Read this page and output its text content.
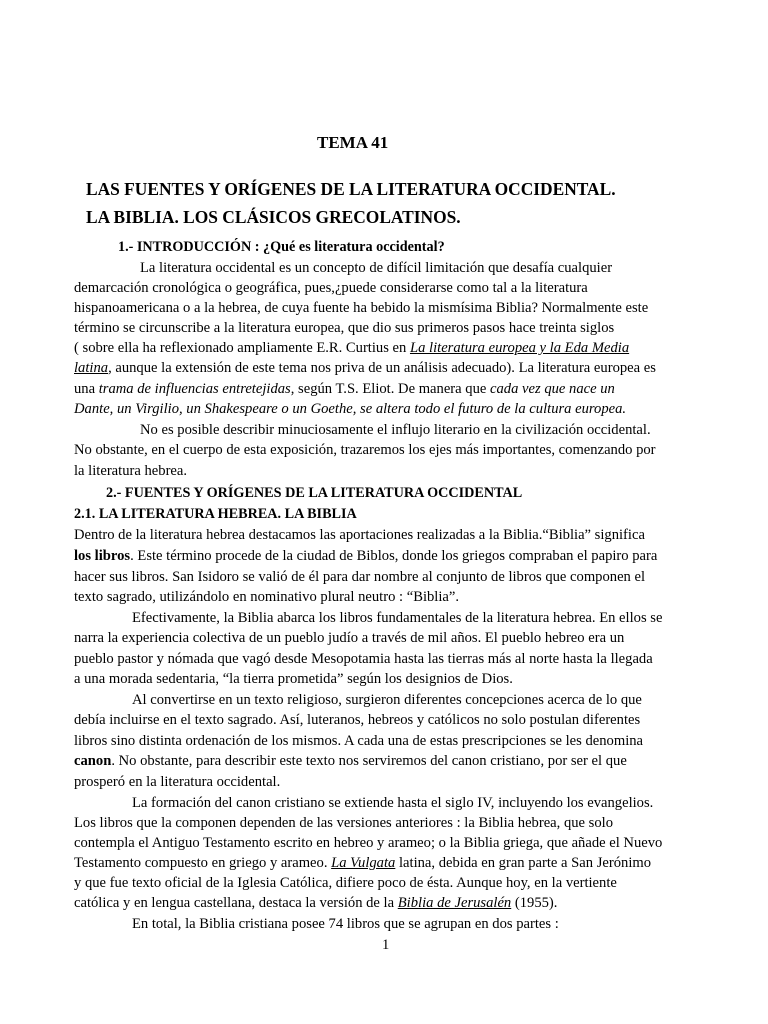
TEMA 41
LAS FUENTES Y ORÍGENES DE LA LITERATURA OCCIDENTAL.
LA BIBLIA. LOS CLÁSICOS GRECOLATINOS.
1.- INTRODUCCIÓN : ¿Qué es literatura occidental?
La literatura occidental es un concepto de difícil limitación que desafía cualquier
demarcación cronológica o geográfica, pues,¿puede considerarse como tal a la literatura
hispanoamericana o a la hebrea, de cuya fuente ha bebido la mismísima Biblia? Normalmente este
término se circunscribe a la literatura europea, que dio sus primeros pasos hace treinta siglos
( sobre ella ha reflexionado ampliamente E.R. Curtius en La literatura europea y la Eda Media
latina, aunque la extensión de este tema nos priva de un análisis adecuado). La literatura europea es
una trama de influencias entretejidas, según T.S. Eliot. De manera que cada vez que nace un
Dante, un Virgilio, un Shakespeare o un Goethe, se altera todo el futuro de la cultura europea.
No es posible describir minuciosamente el influjo literario en la civilización occidental.
No obstante, en el cuerpo de esta exposición, trazaremos los ejes más importantes, comenzando por
la literatura hebrea.
2.- FUENTES Y ORÍGENES DE LA LITERATURA OCCIDENTAL
2.1. LA LITERATURA HEBREA. LA BIBLIA
Dentro de la literatura hebrea destacamos las aportaciones realizadas a la Biblia.“Biblia” significa
los libros. Este término procede de la ciudad de Biblos, donde los griegos compraban el papiro para
hacer sus libros. San Isidoro se valió de él para dar nombre al conjunto de libros que componen el
texto sagrado, utilizándolo en nominativo plural neutro : “Biblia”.
Efectivamente, la Biblia abarca los libros fundamentales de la literatura hebrea. En ellos se
narra la experiencia colectiva de un pueblo judío a través de mil años. El pueblo hebreo era un
pueblo pastor y nómada que vagó desde Mesopotamia hasta las tierras más al norte hasta la llegada
a una morada sedentaria, “la tierra prometida” según los designios de Dios.
Al convertirse en un texto religioso, surgieron diferentes concepciones acerca de lo que
debía incluirse en el texto sagrado. Así, luteranos, hebreos y católicos no solo postulan diferentes
libros sino distinta ordenación de los mismos. A cada una de estas prescripciones se les denomina
canon. No obstante, para describir este texto nos serviremos del canon cristiano, por ser el que
prosperó en la literatura occidental.
La formación del canon cristiano se extiende hasta el siglo IV, incluyendo los evangelios.
Los libros que la componen dependen de las versiones anteriores : la Biblia hebrea, que solo
contempla el Antiguo Testamento escrito en hebreo y arameo; o la Biblia griega, que añade el Nuevo
Testamento compuesto en griego y arameo. La Vulgata latina, debida en gran parte a San Jerónimo
y que fue texto oficial de la Iglesia Católica, difiere poco de ésta. Aunque hoy, en la vertiente
católica y en lengua castellana, destaca la versión de la Biblia de Jerusalén (1955).
En total, la Biblia cristiana posee 74 libros que se agrupan en dos partes :
1
